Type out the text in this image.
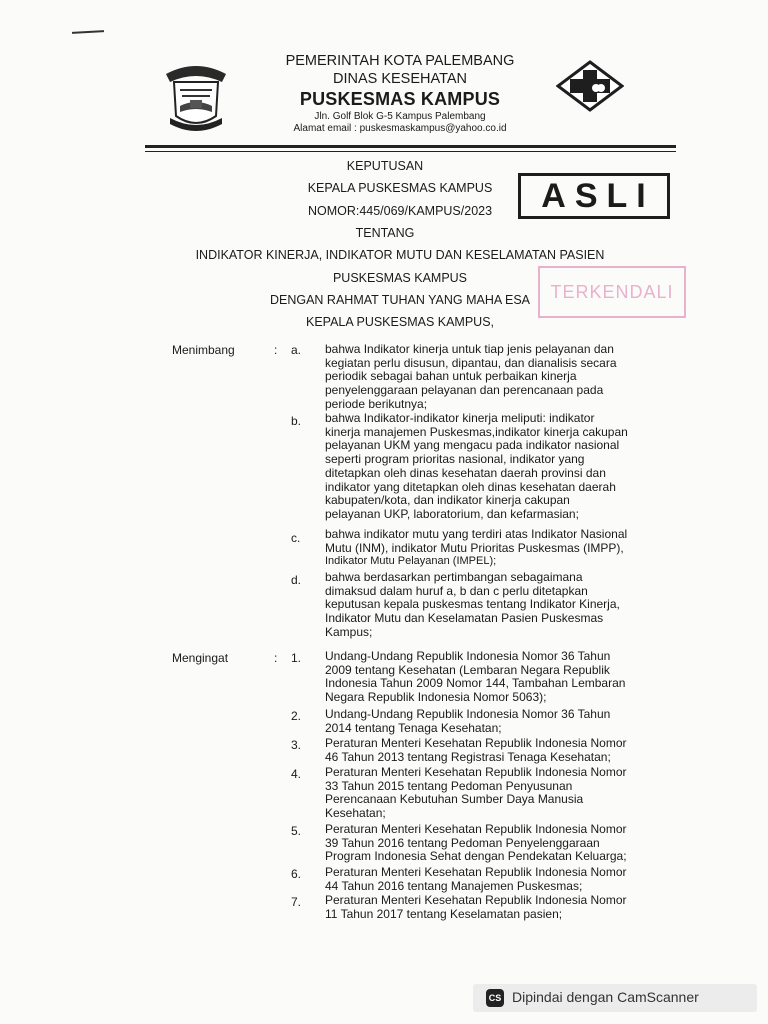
PEMERINTAH KOTA PALEMBANG
DINAS KESEHATAN
PUSKESMAS KAMPUS
Jln. Golf Blok G-5 Kampus Palembang
Alamat email : puskesmaskampus@yahoo.co.id
KEPUTUSAN
KEPALA PUSKESMAS KAMPUS
NOMOR:445/069/KAMPUS/2023
TENTANG
INDIKATOR KINERJA, INDIKATOR MUTU DAN KESELAMATAN PASIEN
PUSKESMAS KAMPUS
DENGAN RAHMAT TUHAN YANG MAHA ESA
KEPALA PUSKESMAS KAMPUS,
ASLI
TERKENDALI
Menimbang	: a. bahwa Indikator kinerja untuk tiap jenis pelayanan dan

kegiatan perlu disusun, dipantau, dan dianalisis secara

periodik sebagai bahan untuk perbaikan kinerja

penyelenggaraan pelayanan dan perencanaan pada

periode berikutnya;

b. bahwa Indikator-indikator kinerja meliputi: indikator

kinerja manajemen Puskesmas,indikator kinerja cakupan

pelayanan UKM yang mengacu pada indikator nasional

seperti program prioritas nasional, indikator yang

ditetapkan oleh dinas kesehatan daerah provinsi dan

indikator yang ditetapkan oleh dinas kesehatan daerah

kabupaten/kota, dan indikator kinerja cakupan

pelayanan UKP, laboratorium, dan kefarmasian;

c. bahwa indikator mutu yang terdiri atas Indikator Nasional

Mutu (INM), indikator Mutu Prioritas Puskesmas (IMPP),

Indikator Mutu Pelayanan (IMPEL);

d. bahwa berdasarkan pertimbangan sebagaimana

dimaksud dalam huruf a, b dan c perlu ditetapkan

keputusan kepala puskesmas tentang Indikator Kinerja,

Indikator Mutu dan Keselamatan Pasien Puskesmas

Kampus;

Mengingat	: 1. Undang-Undang Republik Indonesia Nomor 36 Tahun

2009 tentang Kesehatan (Lembaran Negara Republik

Indonesia Tahun 2009 Nomor 144, Tambahan Lembaran

Negara Republik Indonesia Nomor 5063);

2. Undang-Undang Republik Indonesia Nomor 36 Tahun

2014 tentang Tenaga Kesehatan;

3. Peraturan Menteri Kesehatan Republik Indonesia Nomor

46 Tahun 2013 tentang Registrasi Tenaga Kesehatan;

4. Peraturan Menteri Kesehatan Republik Indonesia Nomor

33 Tahun 2015 tentang Pedoman Penyusunan

Perencanaan Kebutuhan Sumber Daya Manusia

Kesehatan;

5. Peraturan Menteri Kesehatan Republik Indonesia Nomor

39 Tahun 2016 tentang Pedoman Penyelenggaraan

Program Indonesia Sehat dengan Pendekatan Keluarga;

6. Peraturan Menteri Kesehatan Republik Indonesia Nomor

44 Tahun 2016 tentang Manajemen Puskesmas;

7. Peraturan Menteri Kesehatan Republik Indonesia Nomor

11 Tahun 2017 tentang Keselamatan pasien;

CS Dipindai dengan CamScanner
